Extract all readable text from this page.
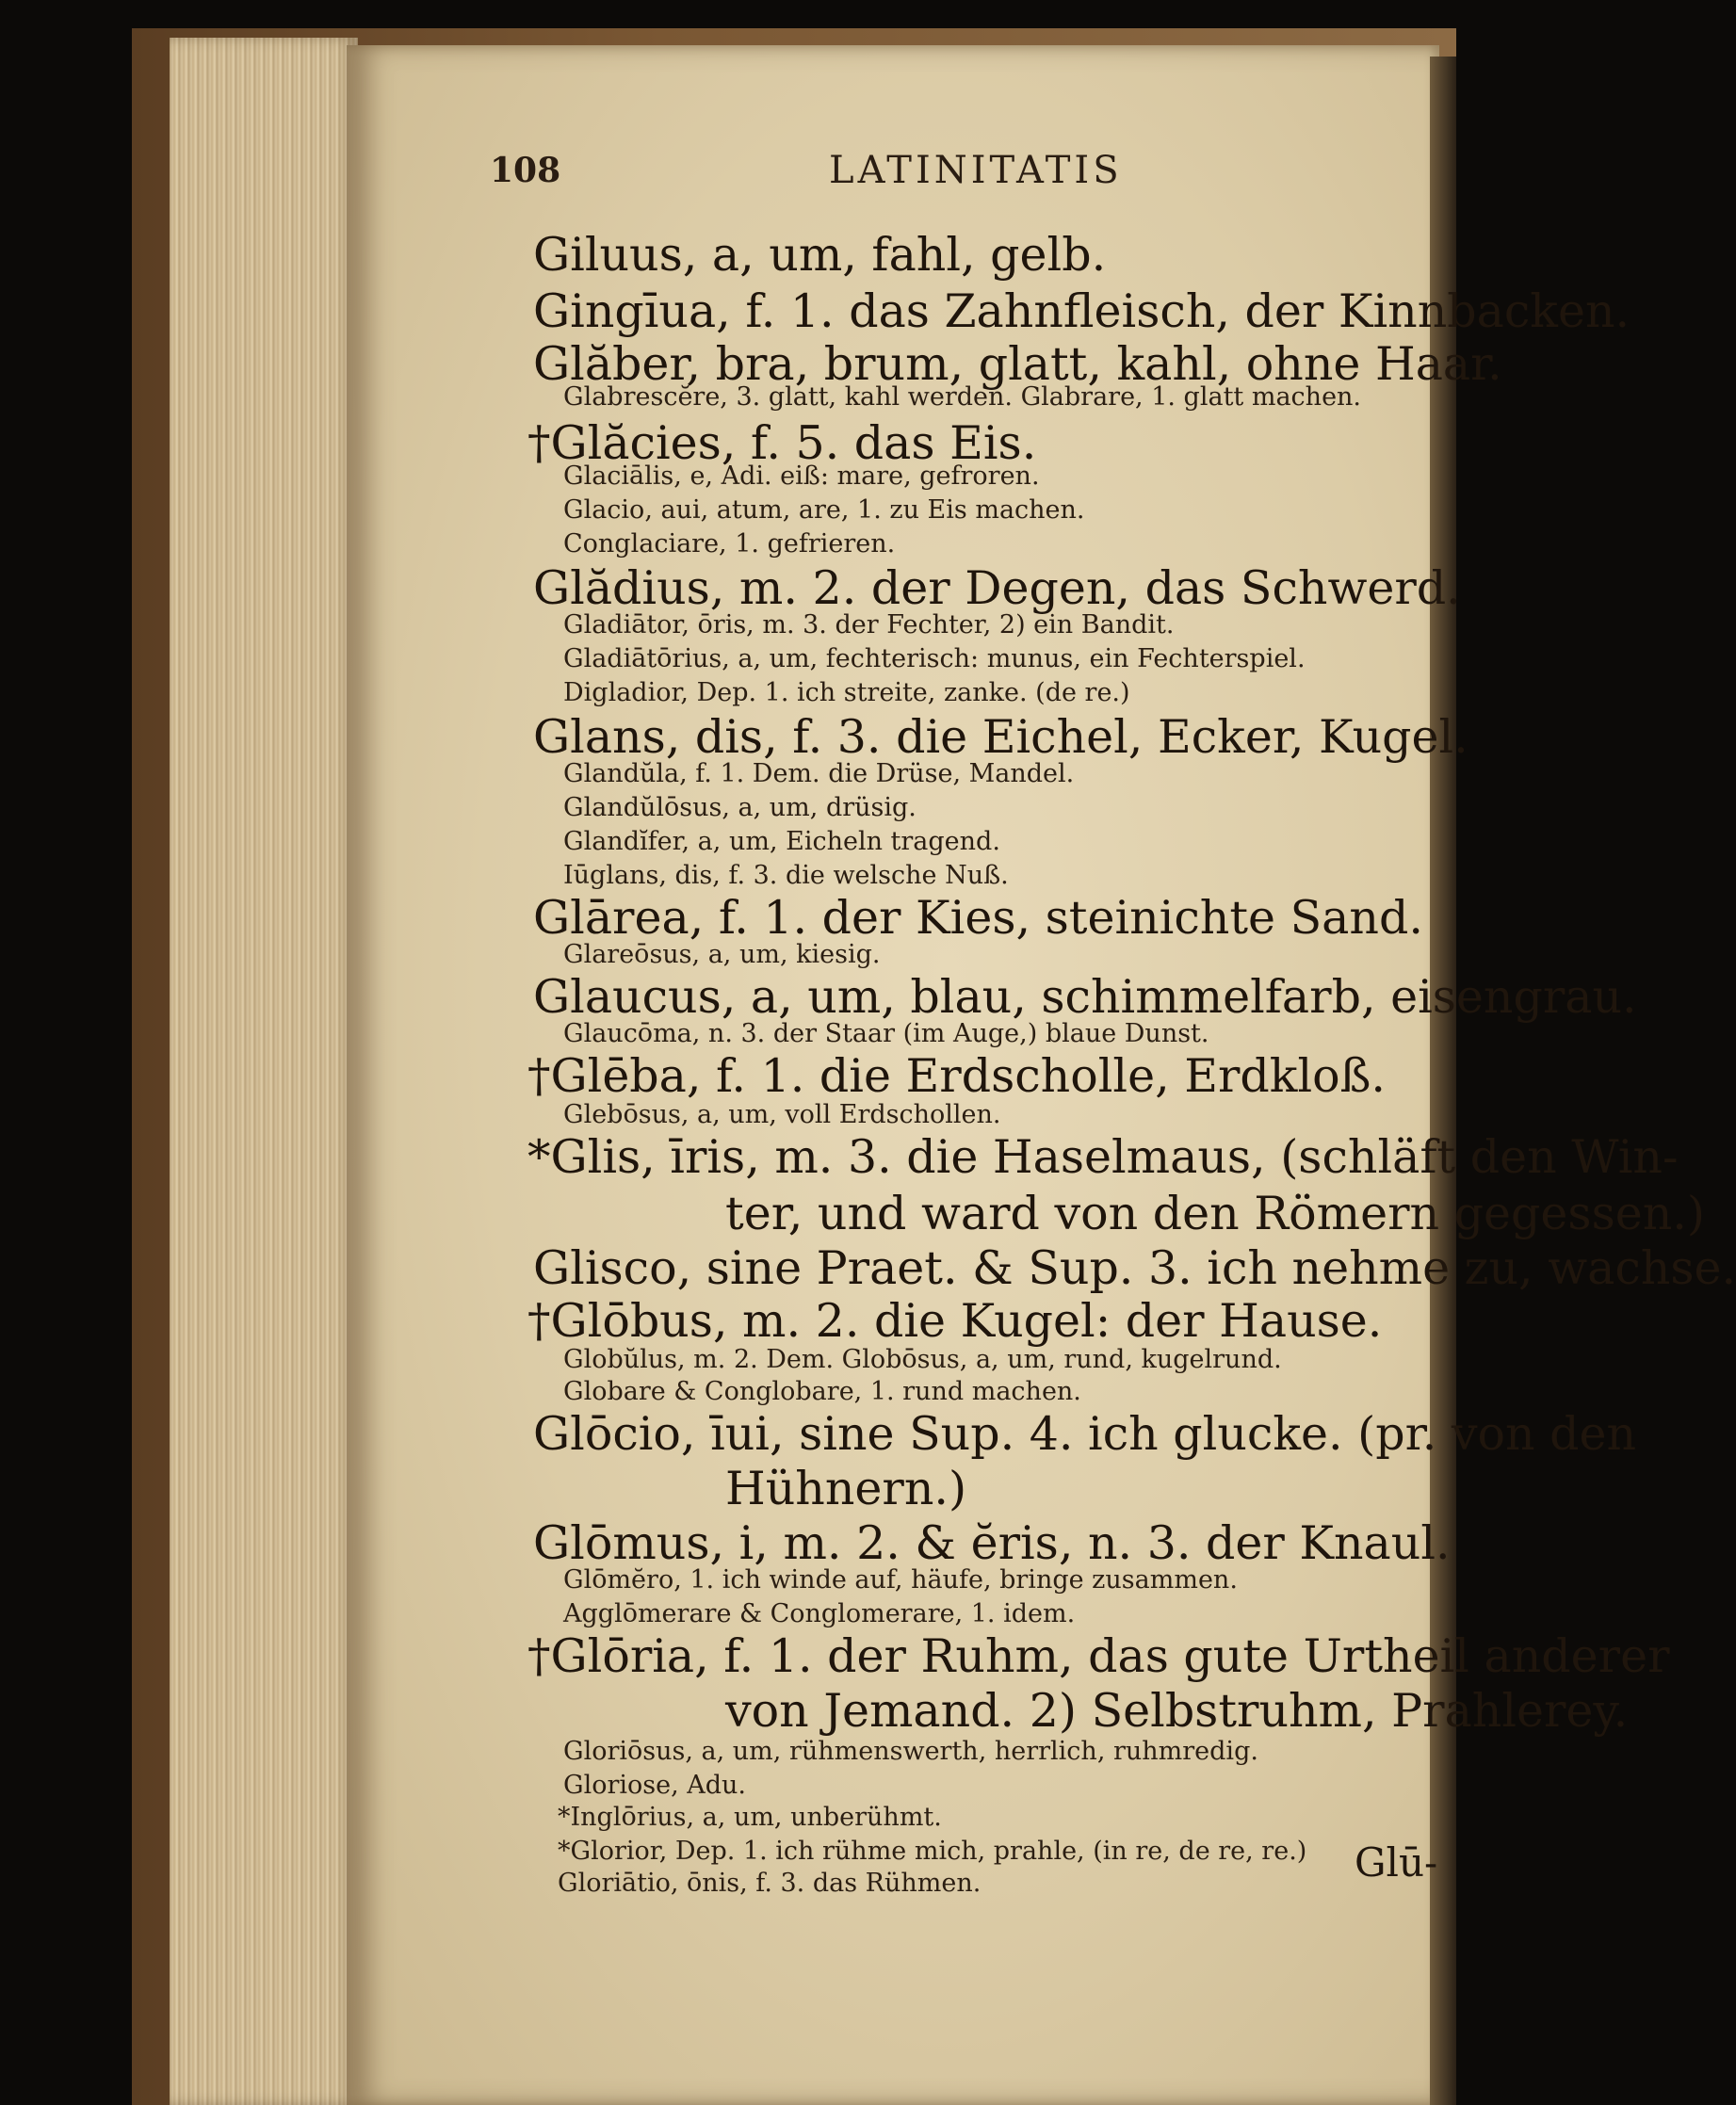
108	LATINITATIS

Giluus, a, um, fahl, gelb.
Gingīua, f. 1. das Zahnfleisch, der Kinnbacken.
Glăber, bra, brum, glatt, kahl, ohne Haar.
Glabrescĕre, 3. glatt, kahl werden. Glabrare, 1. glatt machen.
†Glăcies, f. 5. das Eis.
Glaciālis, e, Adi. eiß: mare, gefroren.
Glacio, aui, atum, are, 1. zu Eis machen.
Conglaciare, 1. gefrieren.
Glădius, m. 2. der Degen, das Schwerd.
Gladiātor, ōris, m. 3. der Fechter, 2) ein Bandit.
Gladiātōrius, a, um, fechterisch: munus, ein Fechterspiel.
Digladior, Dep. 1. ich streite, zanke. (de re.)
Glans, dis, f. 3. die Eichel, Ecker, Kugel.
Glandŭla, f. 1. Dem. die Drüse, Mandel.
Glandŭlōsus, a, um, drüsig.
Glandĭfer, a, um, Eicheln tragend.
Iūglans, dis, f. 3. die welsche Nuß.
Glārea, f. 1. der Kies, steinichte Sand.
Glareōsus, a, um, kiesig.
Glaucus, a, um, blau, schimmelfarb, eisengrau.
Glaucōma, n. 3. der Staar (im Auge,) blaue Dunst.
†Glēba, f. 1. die Erdscholle, Erdkloß.
Glebōsus, a, um, voll Erdschollen.
*Glis, īris, m. 3. die Haselmaus, (schläft den Win-
ter, und ward von den Römern gegessen.)
Glisco, sine Praet. & Sup. 3. ich nehme zu, wachse.
†Glōbus, m. 2. die Kugel: der Hause.
Globŭlus, m. 2. Dem. Globōsus, a, um, rund, kugelrund.
Globare & Conglobare, 1. rund machen.
Glōcio, īui, sine Sup. 4. ich glucke. (pr. von den
Hühnern.)
Glōmus, i, m. 2. & ĕris, n. 3. der Knaul.
Glōmĕro, 1. ich winde auf, häufe, bringe zusammen.
Agglōmerare & Conglomerare, 1. idem.
†Glōria, f. 1. der Ruhm, das gute Urtheil anderer
von Jemand. 2) Selbstruhm, Prahlerey.
Gloriōsus, a, um, rühmenswerth, herrlich, ruhmredig.
Gloriose, Adu.
*Inglōrius, a, um, unberühmt.
*Glorior, Dep. 1. ich rühme mich, prahle, (in re, de re, re.)
Gloriātio, ōnis, f. 3. das Rühmen.	Glū-
